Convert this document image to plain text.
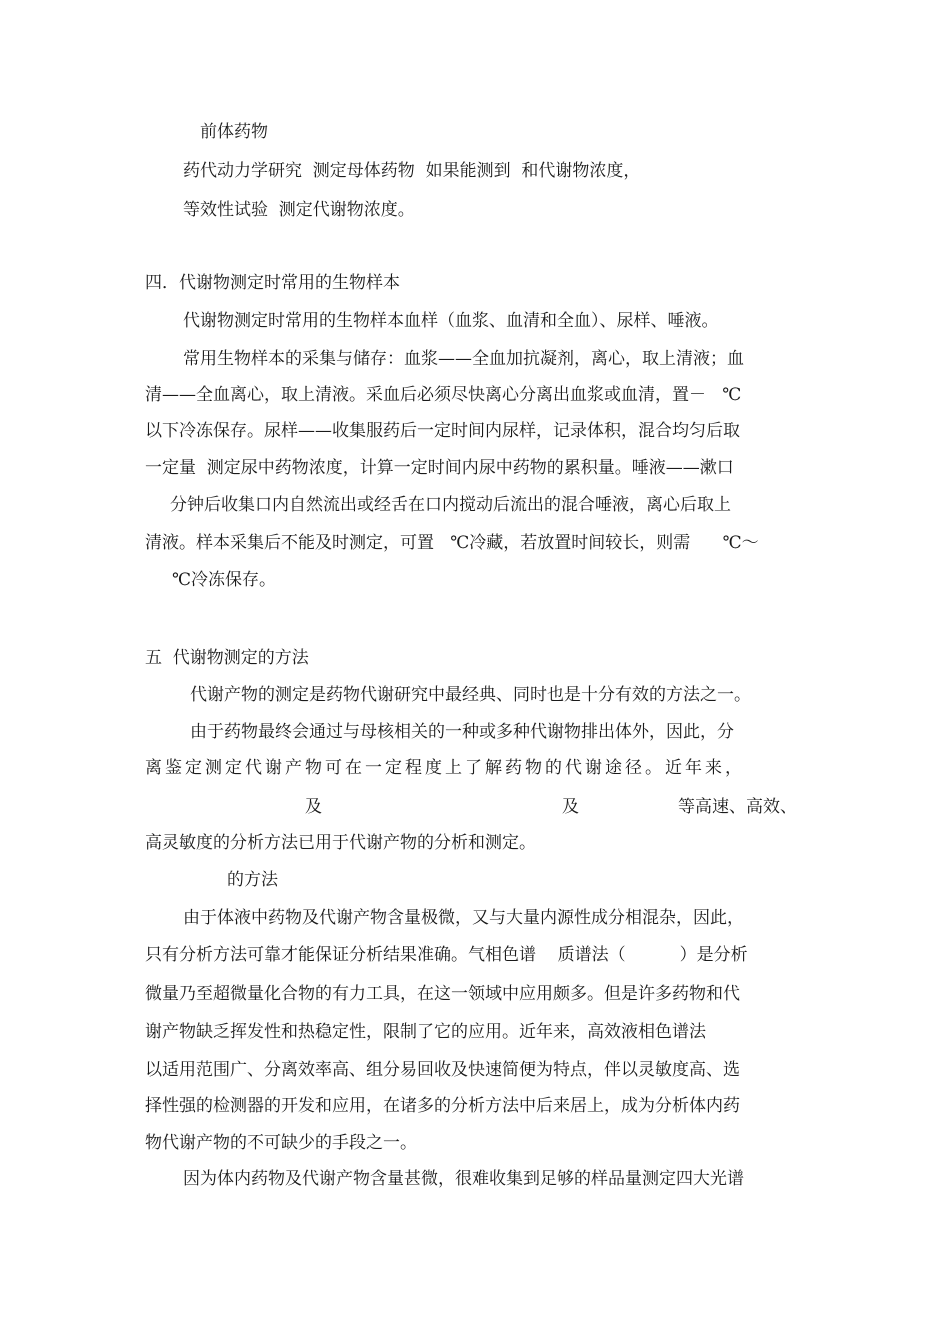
前体药物
药代动力学研究  测定母体药物  如果能测到  和代谢物浓度，
等效性试验  测定代谢物浓度。
四．代谢物测定时常用的生物样本
代谢物测定时常用的生物样本血样（血浆、血清和全血）、尿样、唾液。
常用生物样本的采集与储存：血浆——全血加抗凝剂，离心，取上清液；血
清——全血离心，取上清液。采血后必须尽快离心分离出血浆或血清，置－   ℃
以下冷冻保存。尿样——收集服药后一定时间内尿样，记录体积，混合均匀后取
一定量  测定尿中药物浓度，计算一定时间内尿中药物的累积量。唾液——漱口
分钟后收集口内自然流出或经舌在口内搅动后流出的混合唾液，离心后取上
清液。样本采集后不能及时测定，可置   ℃冷藏，若放置时间较长，则需      ℃～
℃冷冻保存。
五  代谢物测定的方法
代谢产物的测定是药物代谢研究中最经典、同时也是十分有效的方法之一。
由于药物最终会通过与母核相关的一种或多种代谢物排出体外，因此，分
离鉴定测定代谢产物可在一定程度上了解药物的代谢途径。近年来，
及	及	等高速、高效、
高灵敏度的分析方法已用于代谢产物的分析和测定。
的方法
由于体液中药物及代谢产物含量极微，又与大量内源性成分相混杂，因此，
只有分析方法可靠才能保证分析结果准确。气相色谱    质谱法（          ）是分析
微量乃至超微量化合物的有力工具，在这一领域中应用颇多。但是许多药物和代
谢产物缺乏挥发性和热稳定性，限制了它的应用。近年来，高效液相色谱法
以适用范围广、分离效率高、组分易回收及快速简便为特点，伴以灵敏度高、选
择性强的检测器的开发和应用，在诸多的分析方法中后来居上，成为分析体内药
物代谢产物的不可缺少的手段之一。
因为体内药物及代谢产物含量甚微，很难收集到足够的样品量测定四大光谱
